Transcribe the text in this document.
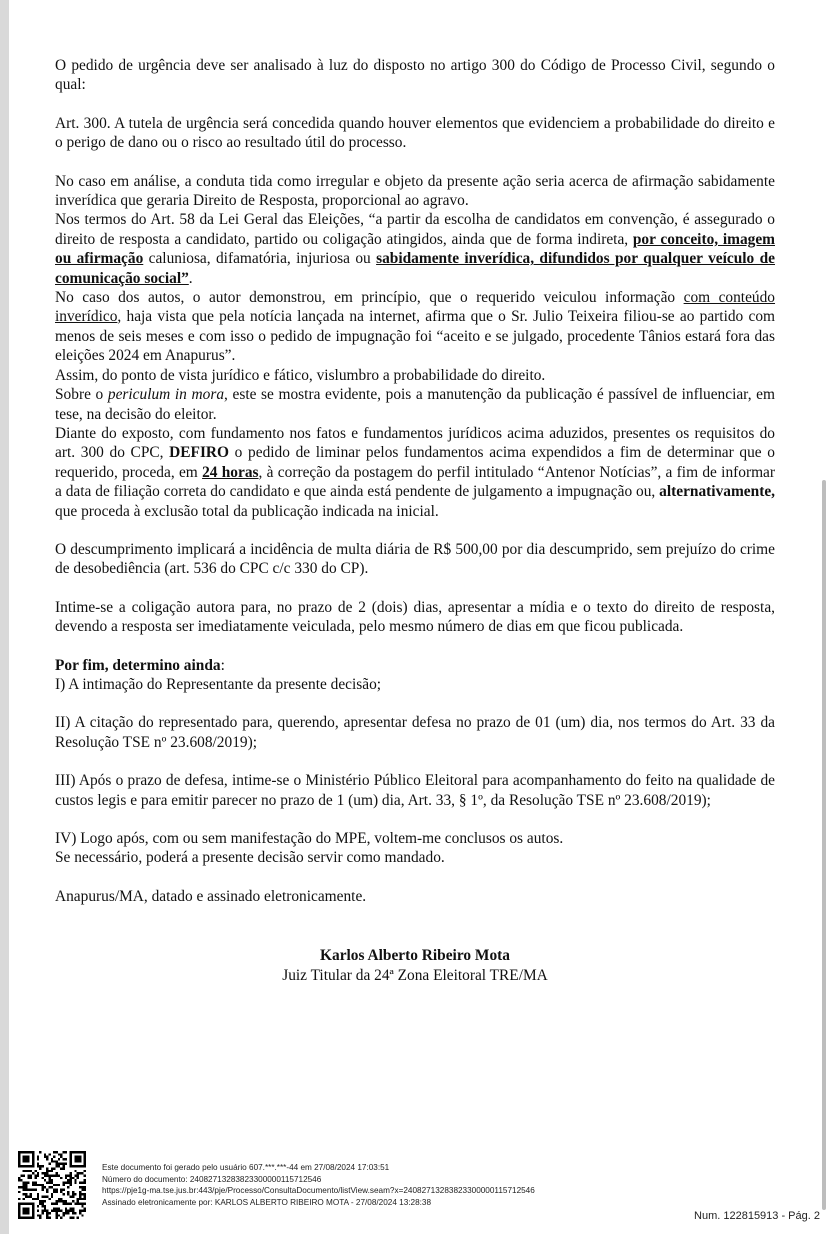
O pedido de urgência deve ser analisado à luz do disposto no artigo 300 do Código de Processo Civil, segundo o qual:

Art. 300. A tutela de urgência será concedida quando houver elementos que evidenciem a probabilidade do direito e o perigo de dano ou o risco ao resultado útil do processo.

No caso em análise, a conduta tida como irregular e objeto da presente ação seria acerca de afirmação sabidamente inverídica que geraria Direito de Resposta, proporcional ao agravo.

Nos termos do Art. 58 da Lei Geral das Eleições, “a partir da escolha de candidatos em convenção, é assegurado o direito de resposta a candidato, partido ou coligação atingidos, ainda que de forma indireta, por conceito, imagem ou afirmação caluniosa, difamatória, injuriosa ou sabidamente inverídica, difundidos por qualquer veículo de comunicação social”.

No caso dos autos, o autor demonstrou, em princípio, que o requerido veiculou informação com conteúdo inverídico, haja vista que pela notícia lançada na internet, afirma que o Sr. Julio Teixeira filiou-se ao partido com menos de seis meses e com isso o pedido de impugnação foi “aceito e se julgado, procedente Tânios estará fora das eleições 2024 em Anapurus”.

Assim, do ponto de vista jurídico e fático, vislumbro a probabilidade do direito.

Sobre o periculum in mora, este se mostra evidente, pois a manutenção da publicação é passível de influenciar, em tese, na decisão do eleitor.

Diante do exposto, com fundamento nos fatos e fundamentos jurídicos acima aduzidos, presentes os requisitos do art. 300 do CPC, DEFIRO o pedido de liminar pelos fundamentos acima expendidos a fim de determinar que o requerido, proceda, em 24 horas, à correção da postagem do perfil intitulado “Antenor Notícias”, a fim de informar a data de filiação correta do candidato e que ainda está pendente de julgamento a impugnação ou, alternativamente, que proceda à exclusão total da publicação indicada na inicial.

O descumprimento implicará a incidência de multa diária de R$ 500,00 por dia descumprido, sem prejuízo do crime de desobediência (art. 536 do CPC c/c 330 do CP).

Intime-se a coligação autora para, no prazo de 2 (dois) dias, apresentar a mídia e o texto do direito de resposta, devendo a resposta ser imediatamente veiculada, pelo mesmo número de dias em que ficou publicada.

Por fim, determino ainda:

I) A intimação do Representante da presente decisão;

II) A citação do representado para, querendo, apresentar defesa no prazo de 01 (um) dia, nos termos do Art. 33 da Resolução TSE nº 23.608/2019);

III) Após o prazo de defesa, intime-se o Ministério Público Eleitoral para acompanhamento do feito na qualidade de custos legis e para emitir parecer no prazo de 1 (um) dia, Art. 33, § 1º, da Resolução TSE nº 23.608/2019);

IV) Logo após, com ou sem manifestação do MPE, voltem-me conclusos os autos.

Se necessário, poderá a presente decisão servir como mandado.

Anapurus/MA, datado e assinado eletronicamente.

Karlos Alberto Ribeiro Mota
Juiz Titular da 24ª Zona Eleitoral TRE/MA
Este documento foi gerado pelo usuário 607.***.***-44 em 27/08/2024 17:03:51
Número do documento: 24082713283823300000115712546
https://pje1g-ma.tse.jus.br:443/pje/Processo/ConsultaDocumento/listView.seam?x=24082713283823300000115712546
Assinado eletronicamente por: KARLOS ALBERTO RIBEIRO MOTA - 27/08/2024 13:28:38
Num. 122815913 - Pág. 2
